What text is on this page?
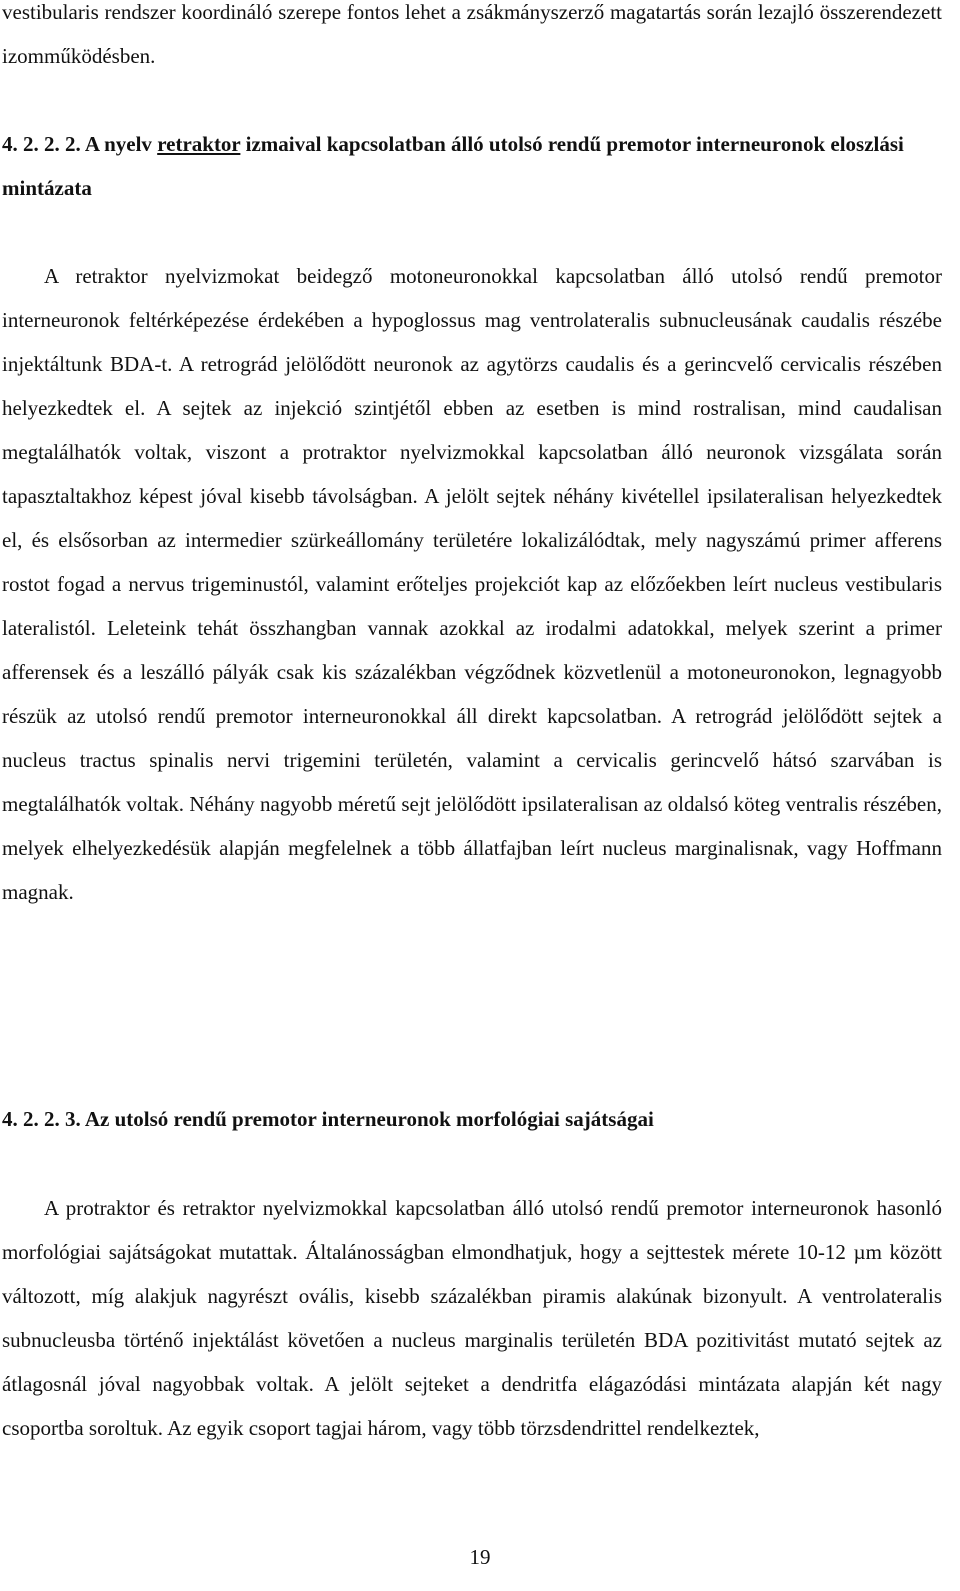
vestibularis rendszer koordináló szerepe fontos lehet a zsákmányszerző magatartás során lezajló összerendezett izomműködésben.

4. 2. 2. 2. A nyelv retraktor izmaival kapcsolatban álló utolsó rendű premotor interneuronok eloszlási mintázata

A retraktor nyelvizmokat beidegző motoneuronokkal kapcsolatban álló utolsó rendű premotor interneuronok feltérképezése érdekében a hypoglossus mag ventrolateralis subnucleusának caudalis részébe injektáltunk BDA-t. A retrográd jelölődött neuronok az agytörzs caudalis és a gerincvelő cervicalis részében helyezkedtek el. A sejtek az injekció szintjétől ebben az esetben is mind rostralisan, mind caudalisan megtalálhatók voltak, viszont a protraktor nyelvizmokkal kapcsolatban álló neuronok vizsgálata során tapasztaltakhoz képest jóval kisebb távolságban. A jelölt sejtek néhány kivétellel ipsilateralisan helyezkedtek el, és elsősorban az intermedier szürkeállomány területére lokalizálódtak, mely nagyszámú primer afferens rostot fogad a nervus trigeminustól, valamint erőteljes projekciót kap az előzőekben leírt nucleus vestibularis lateralistól. Leleteink tehát összhangban vannak azokkal az irodalmi adatokkal, melyek szerint a primer afferensek és a leszálló pályák csak kis százalékban végződnek közvetlenül a motoneuronokon, legnagyobb részük az utolsó rendű premotor interneuronokkal áll direkt kapcsolatban. A retrográd jelölődött sejtek a nucleus tractus spinalis nervi trigemini területén, valamint a cervicalis gerincvelő hátsó szarvában is megtalálhatók voltak. Néhány nagyobb méretű sejt jelölődött ipsilateralisan az oldalsó köteg ventralis részében, melyek elhelyezkedésük alapján megfelelnek a több állatfajban leírt nucleus marginalisnak, vagy Hoffmann magnak.

4. 2. 2. 3. Az utolsó rendű premotor interneuronok morfológiai sajátságai

A protraktor és retraktor nyelvizmokkal kapcsolatban álló utolsó rendű premotor interneuronok hasonló morfológiai sajátságokat mutattak. Általánosságban elmondhatjuk, hogy a sejttestek mérete 10-12 µm között változott, míg alakjuk nagyrészt ovális, kisebb százalékban piramis alakúnak bizonyult. A ventrolateralis subnucleusba történő injektálást követően a nucleus marginalis területén BDA pozitivitást mutató sejtek az átlagosnál jóval nagyobbak voltak. A jelölt sejteket a dendritfa elágazódási mintázata alapján két nagy csoportba soroltuk. Az egyik csoport tagjai három, vagy több törzsdendrittel rendelkeztek,

19
